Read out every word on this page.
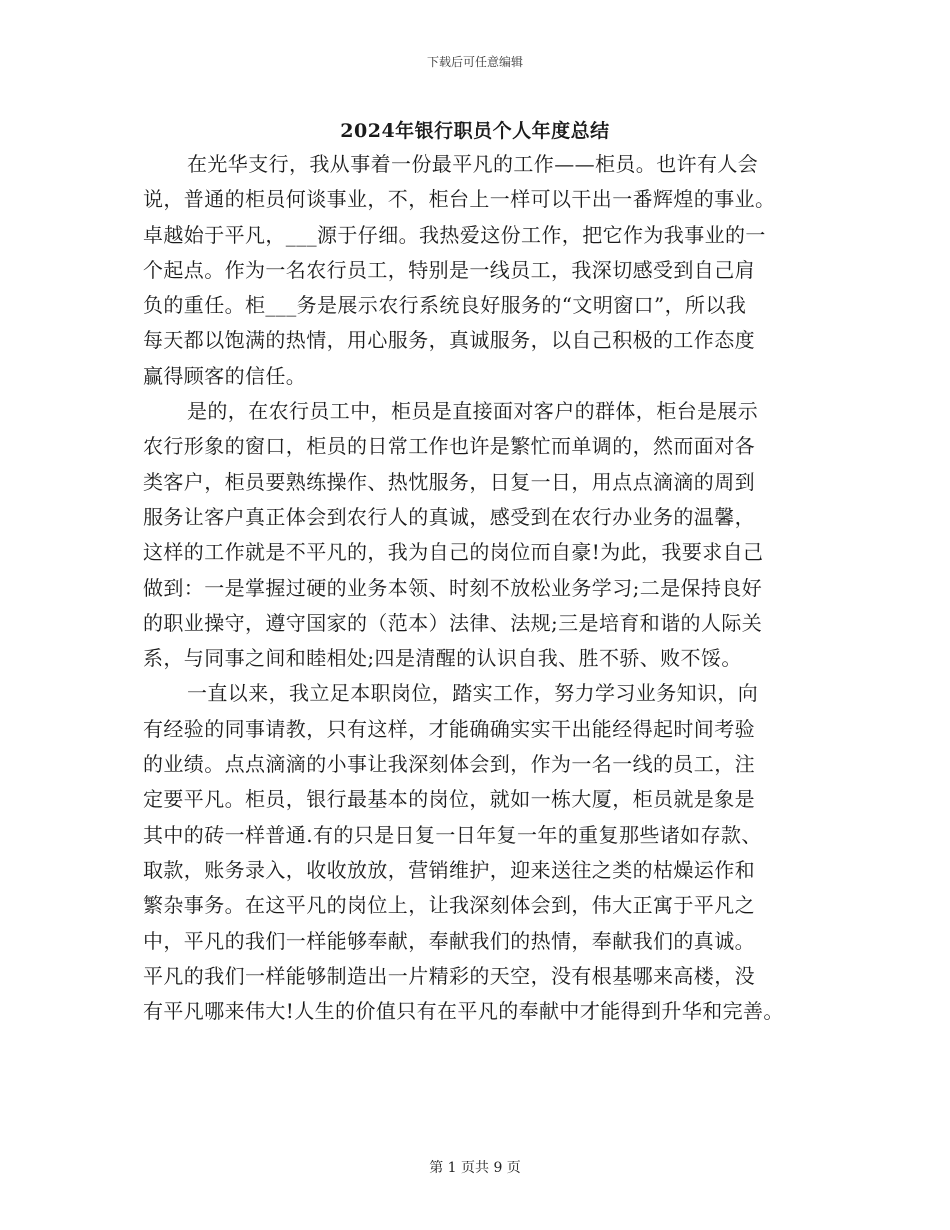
下载后可任意编辑
2024年银行职员个人年度总结
在光华支行，我从事着一份最平凡的工作——柜员。也许有人会
说，普通的柜员何谈事业，不，柜台上一样可以干出一番辉煌的事业。
卓越始于平凡，___源于仔细。我热爱这份工作，把它作为我事业的一
个起点。作为一名农行员工，特别是一线员工，我深切感受到自己肩
负的重任。柜___务是展示农行系统良好服务的“文明窗口”，所以我
每天都以饱满的热情，用心服务，真诚服务，以自己积极的工作态度
赢得顾客的信任。
是的，在农行员工中，柜员是直接面对客户的群体，柜台是展示
农行形象的窗口，柜员的日常工作也许是繁忙而单调的，然而面对各
类客户，柜员要熟练操作、热忱服务，日复一日，用点点滴滴的周到
服务让客户真正体会到农行人的真诚，感受到在农行办业务的温馨，
这样的工作就是不平凡的，我为自己的岗位而自豪!为此，我要求自己
做到：一是掌握过硬的业务本领、时刻不放松业务学习;二是保持良好
的职业操守，遵守国家的（范本）法律、法规;三是培育和谐的人际关
系，与同事之间和睦相处;四是清醒的认识自我、胜不骄、败不馁。
一直以来，我立足本职岗位，踏实工作，努力学习业务知识，向
有经验的同事请教，只有这样，才能确确实实干出能经得起时间考验
的业绩。点点滴滴的小事让我深刻体会到，作为一名一线的员工，注
定要平凡。柜员，银行最基本的岗位，就如一栋大厦，柜员就是象是
其中的砖一样普通.有的只是日复一日年复一年的重复那些诸如存款、
取款，账务录入，收收放放，营销维护，迎来送往之类的枯燥运作和
繁杂事务。在这平凡的岗位上，让我深刻体会到，伟大正寓于平凡之
中，平凡的我们一样能够奉献，奉献我们的热情，奉献我们的真诚。
平凡的我们一样能够制造出一片精彩的天空，没有根基哪来高楼，没
有平凡哪来伟大!人生的价值只有在平凡的奉献中才能得到升华和完善。
第 1 页共 9 页
